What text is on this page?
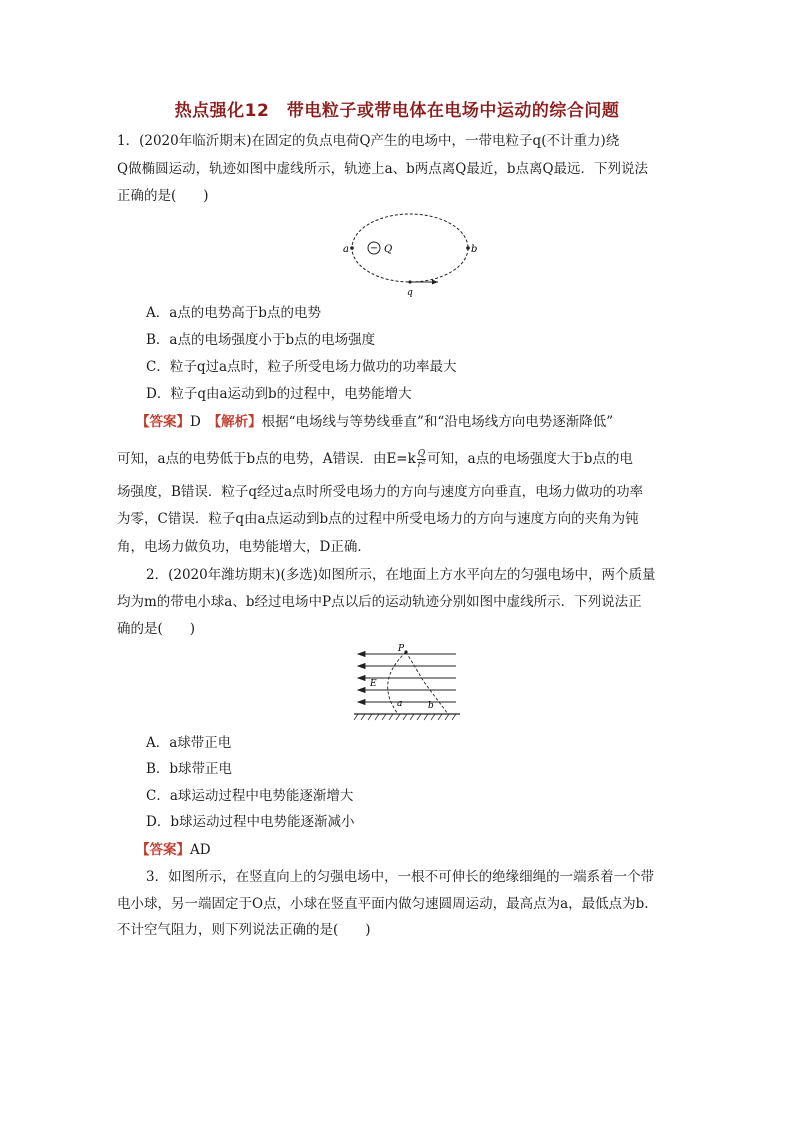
热点强化12　带电粒子或带电体在电场中运动的综合问题

1．(2020年临沂期末)在固定的负点电荷Q产生的电场中，一带电粒子q(不计重力)绕

Q做椭圆运动，轨迹如图中虚线所示，轨迹上a、b两点离Q最近，b点离Q最远．下列说法

正确的是(　　)

−
a	b
Q
q
A．a点的电势高于b点的电势
B．a点的电场强度小于b点的电场强度
C．粒子q过a点时，粒子所受电场力做功的功率最大
D．粒子q由a运动到b的过程中，电势能增大

【答案】D　 【解析】根据“电场线与等势线垂直”和“沿电场线方向电势逐渐降低”

可知，a点的电势低于b点的电势，A错误．由$E=k \frac{Q}{\text{r²}}$ 可知，a点的电场强度大于b点的电

场强度，B错误．粒子q经过a点时所受电场力的方向与速度方向垂直，电场力做功的功率

为零，C错误．粒子q由a点运动到b点的过程中所受电场力的方向与速度方向的夹角为钝

角，电场力做负功，电势能增大，D正确．

2．(2020年潍坊期末)(多选)如图所示，在地面上方水平向左的匀强电场中，两个质量

均为m的带电小球a、b经过电场中P点以后的运动轨迹分别如图中虚线所示．下列说法正

确的是(　　)

P
E
a	b
A．a球带正电
B．b球带正电
C．a球运动过程中电势能逐渐增大
D．b球运动过程中电势能逐渐减小

【答案】AD

3．如图所示，在竖直向上的匀强电场中，一根不可伸长的绝缘细绳的一端系着一个带

电小球，另一端固定于O点，小球在竖直平面内做匀速圆周运动，最高点为a，最低点为b.

不计空气阻力，则下列说法正确的是(　　)
